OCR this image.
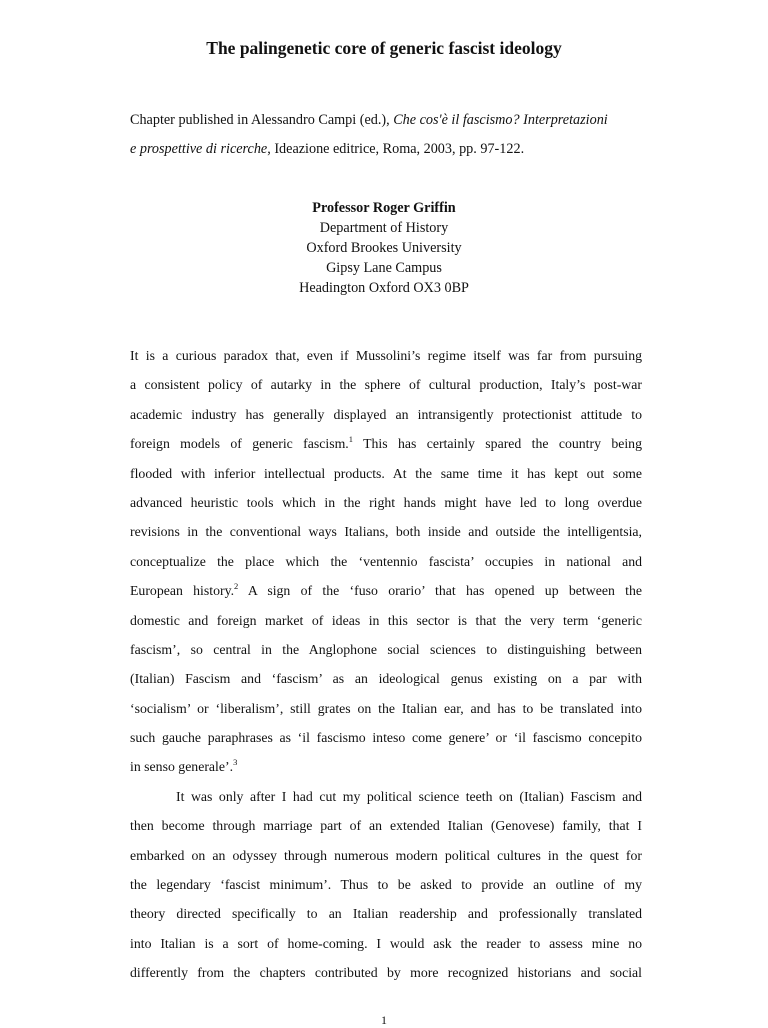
The palingenetic core of generic fascist ideology
Chapter published in Alessandro Campi (ed.), Che cos'è il fascismo? Interpretazioni
e prospettive di ricerche, Ideazione editrice, Roma, 2003, pp. 97-122.
Professor Roger Griffin
Department of History
Oxford Brookes University
Gipsy Lane Campus
Headington Oxford OX3 0BP
It is a curious paradox that, even if Mussolini’s regime itself was far from pursuing
a consistent policy of autarky in the sphere of cultural production, Italy’s post-war
academic industry has generally displayed an intransigently protectionist attitude to
foreign models of generic fascism.$^1$ This has certainly spared the country being
flooded with inferior intellectual products. At the same time it has kept out some
advanced heuristic tools which in the right hands might have led to long overdue
revisions in the conventional ways Italians, both inside and outside the intelligentsia,
conceptualize the place which the ‘ventennio fascista’ occupies in national and
European history.$^2$ A sign of the ‘fuso orario’ that has opened up between the
domestic and foreign market of ideas in this sector is that the very term ‘generic
fascism’, so central in the Anglophone social sciences to distinguishing between
(Italian) Fascism and ‘fascism’ as an ideological genus existing on a par with
‘socialism’ or ‘liberalism’, still grates on the Italian ear, and has to be translated into
such gauche paraphrases as ‘il fascismo inteso come genere’ or ‘il fascismo concepito
in senso generale’.$^3$
It was only after I had cut my political science teeth on (Italian) Fascism and
then become through marriage part of an extended Italian (Genovese) family, that I
embarked on an odyssey through numerous modern political cultures in the quest for
the legendary ‘fascist minimum’. Thus to be asked to provide an outline of my
theory directed specifically to an Italian readership and professionally translated
into Italian is a sort of home-coming. I would ask the reader to assess mine no
differently from the chapters contributed by more recognized historians and social
1
